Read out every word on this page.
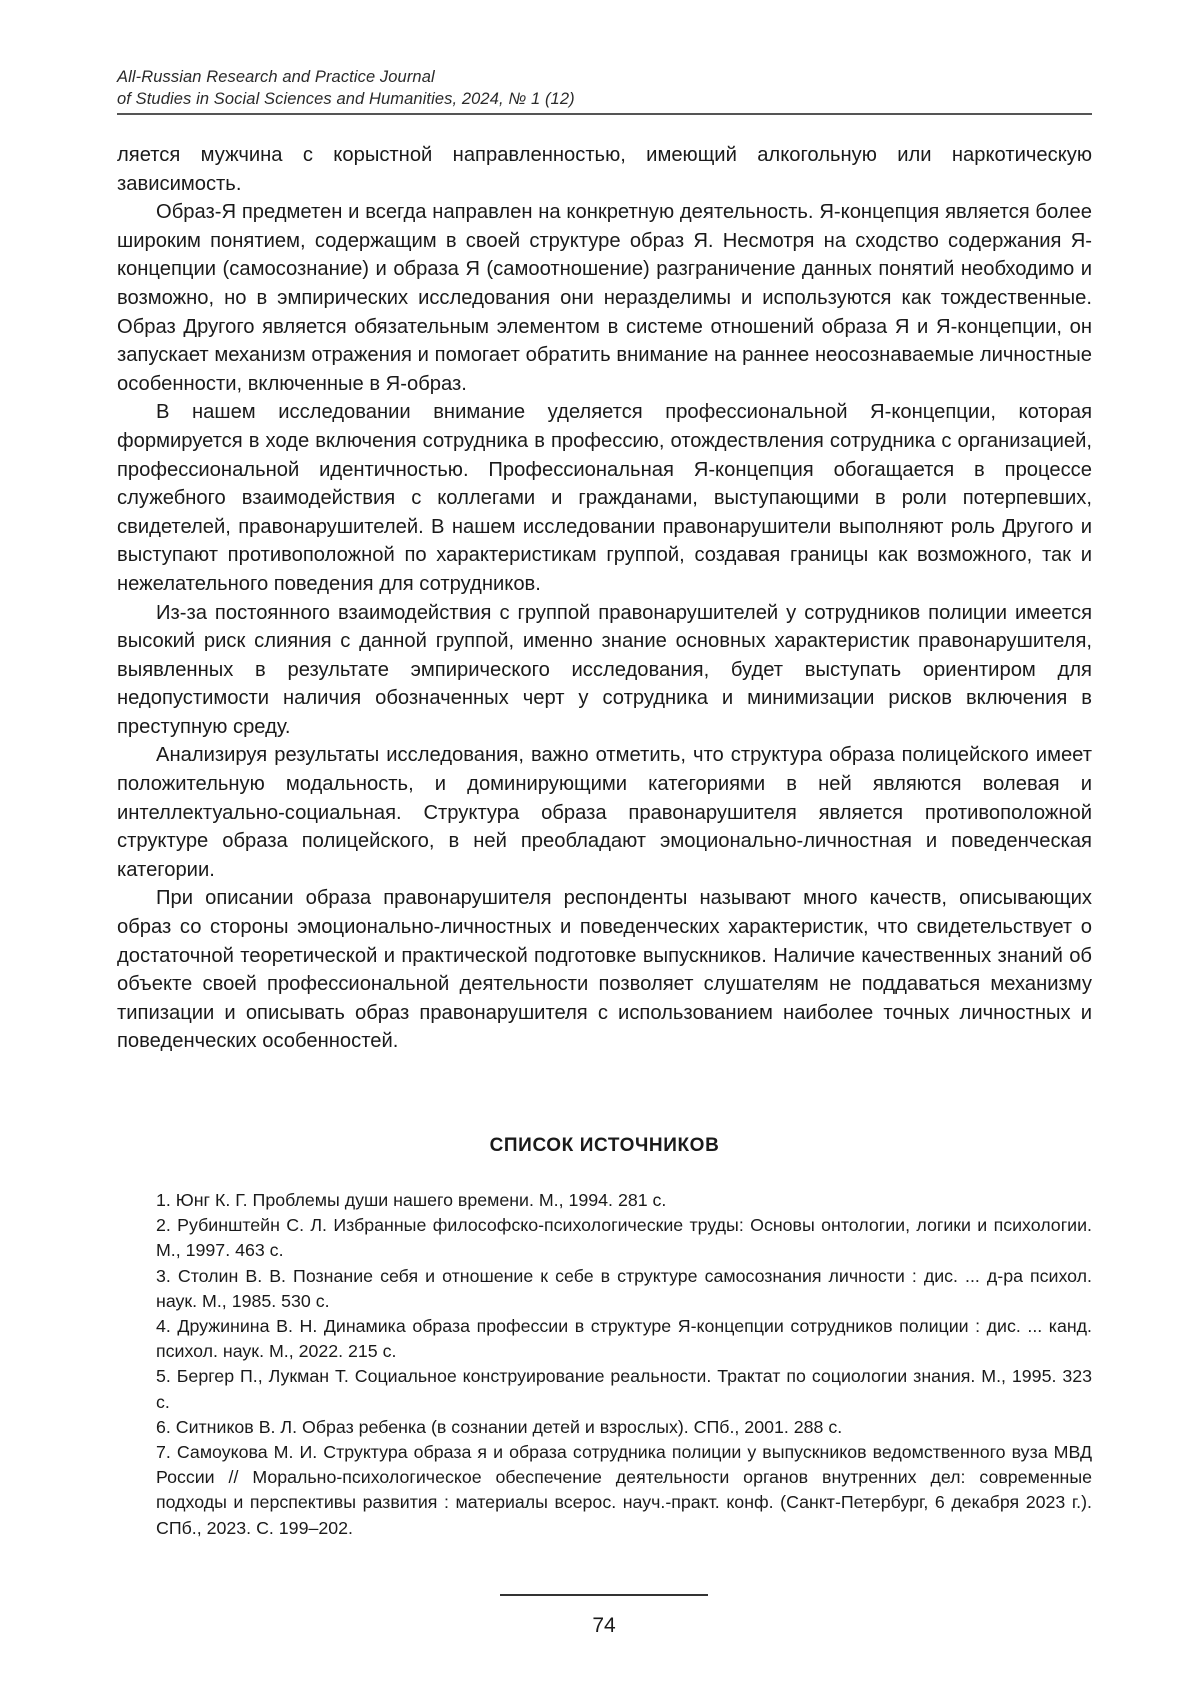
All-Russian Research and Practice Journal
of Studies in Social Sciences and Humanities, 2024, № 1 (12)

ляется мужчина с корыстной направленностью, имеющий алкогольную или наркотическую зависимость.

Образ-Я предметен и всегда направлен на конкретную деятельность. Я-концепция является более широким понятием, содержащим в своей структуре образ Я. Несмотря на сходство содержания Я-концепции (самосознание) и образа Я (самоотношение) разграничение данных понятий необходимо и возможно, но в эмпирических исследования они неразделимы и используются как тождественные. Образ Другого является обязательным элементом в системе отношений образа Я и Я-концепции, он запускает механизм отражения и помогает обратить внимание на раннее неосознаваемые личностные особенности, включенные в Я-образ.

В нашем исследовании внимание уделяется профессиональной Я-концепции, которая формируется в ходе включения сотрудника в профессию, отождествления сотрудника с организацией, профессиональной идентичностью. Профессиональная Я-концепция обогащается в процессе служебного взаимодействия с коллегами и гражданами, выступающими в роли потерпевших, свидетелей, правонарушителей. В нашем исследовании правонарушители выполняют роль Другого и выступают противоположной по характеристикам группой, создавая границы как возможного, так и нежелательного поведения для сотрудников.

Из-за постоянного взаимодействия с группой правонарушителей у сотрудников полиции имеется высокий риск слияния с данной группой, именно знание основных характеристик правонарушителя, выявленных в результате эмпирического исследования, будет выступать ориентиром для недопустимости наличия обозначенных черт у сотрудника и минимизации рисков включения в преступную среду.

Анализируя результаты исследования, важно отметить, что структура образа полицейского имеет положительную модальность, и доминирующими категориями в ней являются волевая и интеллектуально-социальная. Структура образа правонарушителя является противоположной структуре образа полицейского, в ней преобладают эмоционально-личностная и поведенческая категории.

При описании образа правонарушителя респонденты называют много качеств, описывающих образ со стороны эмоционально-личностных и поведенческих характеристик, что свидетельствует о достаточной теоретической и практической подготовке выпускников. Наличие качественных знаний об объекте своей профессиональной деятельности позволяет слушателям не поддаваться механизму типизации и описывать образ правонарушителя с использованием наиболее точных личностных и поведенческих особенностей.

СПИСОК ИСТОЧНИКОВ
1. Юнг К. Г. Проблемы души нашего времени. М., 1994. 281 с.
2. Рубинштейн С. Л. Избранные философско-психологические труды: Основы онтологии, логики и психологии. М., 1997. 463 с.
3. Столин В. В. Познание себя и отношение к себе в структуре самосознания личности : дис. ... д-ра психол. наук. М., 1985. 530 с.
4. Дружинина В. Н. Динамика образа профессии в структуре Я-концепции сотрудников полиции : дис. ... канд. психол. наук. М., 2022. 215 с.
5. Бергер П., Лукман Т. Социальное конструирование реальности. Трактат по социологии знания. М., 1995. 323 с.
6. Ситников В. Л. Образ ребенка (в сознании детей и взрослых). СПб., 2001. 288 с.
7. Самоукова М. И. Структура образа я и образа сотрудника полиции у выпускников ведомственного вуза МВД России // Морально-психологическое обеспечение деятельности органов внутренних дел: современные подходы и перспективы развития : материалы всерос. науч.-практ. конф. (Санкт-Петербург, 6 декабря 2023 г.). СПб., 2023. С. 199–202.
74
